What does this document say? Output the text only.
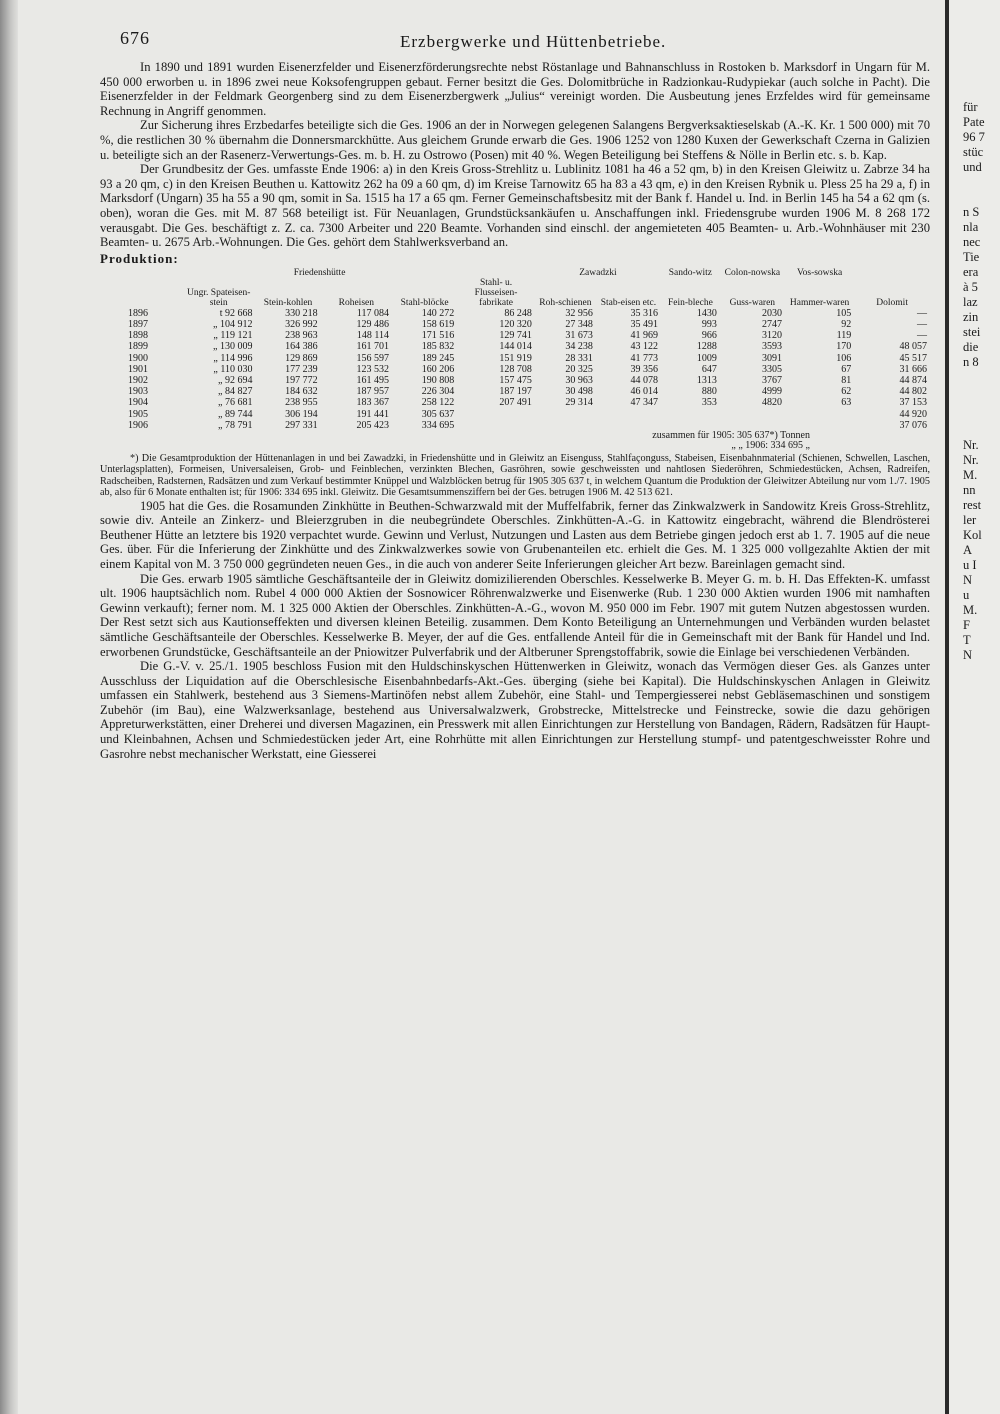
676	Erzbergwerke und Hüttenbetriebe.

In 1890 und 1891 wurden Eisenerzfelder und Eisenerzförderungsrechte nebst Röstanlage und Bahnanschluss in Rostoken b. Marksdorf in Ungarn für M. 450 000 erworben u. in 1896 zwei neue Koksofengruppen gebaut. Ferner besitzt die Ges. Dolomitbrüche in Radzionkau-Rudypiekar (auch solche in Pacht). Die Eisenerzfelder in der Feldmark Georgenberg sind zu dem Eisenerzbergwerk „Julius“ vereinigt worden. Die Ausbeutung jenes Erzfeldes wird für gemeinsame Rechnung in Angriff genommen.

Zur Sicherung ihres Erzbedarfes beteiligte sich die Ges. 1906 an der in Norwegen gelegenen Salangens Bergverksaktieselskab (A.-K. Kr. 1 500 000) mit 70 %, die restlichen 30 % übernahm die Donnersmarckhütte. Aus gleichem Grunde erwarb die Ges. 1906 1252 von 1280 Kuxen der Gewerkschaft Czerna in Galizien u. beteiligte sich an der Rasenerz-Verwertungs-Ges. m. b. H. zu Ostrowo (Posen) mit 40 %. Wegen Beteiligung bei Steffens & Nölle in Berlin etc. s. b. Kap.

Der Grundbesitz der Ges. umfasste Ende 1906: a) in den Kreis Gross-Strehlitz u. Lublinitz 1081 ha 46 a 52 qm, b) in den Kreisen Gleiwitz u. Zabrze 34 ha 93 a 20 qm, c) in den Kreisen Beuthen u. Kattowitz 262 ha 09 a 60 qm, d) im Kreise Tarnowitz 65 ha 83 a 43 qm, e) in den Kreisen Rybnik u. Pless 25 ha 29 a, f) in Marksdorf (Ungarn) 35 ha 55 a 90 qm, somit in Sa. 1515 ha 17 a 65 qm. Ferner Gemeinschaftsbesitz mit der Bank f. Handel u. Ind. in Berlin 145 ha 54 a 62 qm (s. oben), woran die Ges. mit M. 87 568 beteiligt ist. Für Neuanlagen, Grundstücksankäufen u. Anschaffungen inkl. Friedensgrube wurden 1906 M. 8 268 172 verausgabt. Die Ges. beschäftigt z. Z. ca. 7300 Arbeiter und 220 Beamte. Vorhanden sind einschl. der angemieteten 405 Beamten- u. Arb.-Wohnhäuser mit 230 Beamten- u. 2675 Arb.-Wohnungen. Die Ges. gehört dem Stahlwerksverband an.

Produktion:
	Friedenshütte					Zawadzki		Sando-witz	Colon-nowska	Vos-sowska	
	Ungr. Spateisen-stein	Stein-kohlen	Roheisen	Stahl-blöcke	Stahl- u. Flusseisen-fabrikate	Roh-schienen	Stab-eisen etc.	Fein-bleche	Guss-waren	Hammer-waren	Dolomit
1896	t 92 668	330 218	117 084	140 272	86 248	32 956	35 316	1430	2030	105	—
1897	„ 104 912	326 992	129 486	158 619	120 320	27 348	35 491	993	2747	92	—
1898	„ 119 121	238 963	148 114	171 516	129 741	31 673	41 969	966	3120	119	—
1899	„ 130 009	164 386	161 701	185 832	144 014	34 238	43 122	1288	3593	170	48 057
1900	„ 114 996	129 869	156 597	189 245	151 919	28 331	41 773	1009	3091	106	45 517
1901	„ 110 030	177 239	123 532	160 206	128 708	20 325	39 356	647	3305	67	31 666
1902	„ 92 694	197 772	161 495	190 808	157 475	30 963	44 078	1313	3767	81	44 874
1903	„ 84 827	184 632	187 957	226 304	187 197	30 498	46 014	880	4999	62	44 802
1904	„ 76 681	238 955	183 367	258 122	207 491	29 314	47 347	353	4820	63	37 153
1905	„ 89 744	306 194	191 441	305 637							44 920
1906	„ 78 791	297 331	205 423	334 695							37 076
zusammen für 1905: 305 637*) Tonnen
„ „ 1906: 334 695 „

*) Die Gesamtproduktion der Hüttenanlagen in und bei Zawadzki, in Friedenshütte und in Gleiwitz an Eisenguss, Stahlfaçonguss, Stabeisen, Eisenbahnmaterial (Schienen, Schwellen, Laschen, Unterlagsplatten), Formeisen, Universaleisen, Grob- und Feinblechen, verzinkten Blechen, Gasröhren, sowie geschweissten und nahtlosen Siederöhren, Schmiedestücken, Achsen, Radreifen, Radscheiben, Radsternen, Radsätzen und zum Verkauf bestimmter Knüppel und Walzblöcken betrug für 1905 305 637 t, in welchem Quantum die Produktion der Gleiwitzer Abteilung nur vom 1./7. 1905 ab, also für 6 Monate enthalten ist; für 1906: 334 695 inkl. Gleiwitz. Die Gesamtsummensziffern bei der Ges. betrugen 1906 M. 42 513 621.

1905 hat die Ges. die Rosamunden Zinkhütte in Beuthen-Schwarzwald mit der Muffelfabrik, ferner das Zinkwalzwerk in Sandowitz Kreis Gross-Strehlitz, sowie div. Anteile an Zinkerz- und Bleierzgruben in die neubegründete Oberschles. Zinkhütten-A.-G. in Kattowitz eingebracht, während die Blendrösterei Beuthener Hütte an letztere bis 1920 verpachtet wurde. Gewinn und Verlust, Nutzungen und Lasten aus dem Betriebe gingen jedoch erst ab 1. 7. 1905 auf die neue Ges. über. Für die Inferierung der Zinkhütte und des Zinkwalzwerkes sowie von Grubenanteilen etc. erhielt die Ges. M. 1 325 000 vollgezahlte Aktien der mit einem Kapital von M. 3 750 000 gegründeten neuen Ges., in die auch von anderer Seite Inferierungen gleicher Art bezw. Bareinlagen gemacht sind.

Die Ges. erwarb 1905 sämtliche Geschäftsanteile der in Gleiwitz domizilierenden Oberschles. Kesselwerke B. Meyer G. m. b. H. Das Effekten-K. umfasst ult. 1906 hauptsächlich nom. Rubel 4 000 000 Aktien der Sosnowicer Röhrenwalzwerke und Eisenwerke (Rub. 1 230 000 Aktien wurden 1906 mit namhaften Gewinn verkauft); ferner nom. M. 1 325 000 Aktien der Oberschles. Zinkhütten-A.-G., wovon M. 950 000 im Febr. 1907 mit gutem Nutzen abgestossen wurden. Der Rest setzt sich aus Kautionseffekten und diversen kleinen Beteilig. zusammen. Dem Konto Beteiligung an Unternehmungen und Verbänden wurden belastet sämtliche Geschäftsanteile der Oberschles. Kesselwerke B. Meyer, der auf die Ges. entfallende Anteil für die in Gemeinschaft mit der Bank für Handel und Ind. erworbenen Grundstücke, Geschäftsanteile an der Pniowitzer Pulverfabrik und der Altberuner Sprengstoffabrik, sowie die Einlage bei verschiedenen Verbänden.

Die G.-V. v. 25./1. 1905 beschloss Fusion mit den Huldschinskyschen Hüttenwerken in Gleiwitz, wonach das Vermögen dieser Ges. als Ganzes unter Ausschluss der Liquidation auf die Oberschlesische Eisenbahnbedarfs-Akt.-Ges. überging (siehe bei Kapital). Die Huldschinskyschen Anlagen in Gleiwitz umfassen ein Stahlwerk, bestehend aus 3 Siemens-Martinöfen nebst allem Zubehör, eine Stahl- und Tempergiesserei nebst Gebläsemaschinen und sonstigem Zubehör (im Bau), eine Walzwerksanlage, bestehend aus Universalwalzwerk, Grobstrecke, Mittelstrecke und Feinstrecke, sowie die dazu gehörigen Appreturwerkstätten, einer Dreherei und diversen Magazinen, ein Presswerk mit allen Einrichtungen zur Herstellung von Bandagen, Rädern, Radsätzen für Haupt- und Kleinbahnen, Achsen und Schmiedestücken jeder Art, eine Rohrhütte mit allen Einrichtungen zur Herstellung stumpf- und patentgeschweisster Rohre und Gasrohre nebst mechanischer Werkstatt, eine Giesserei

für
Pate
96 7
stüc
und
n S
nla
nec
Tie
era
à 5
laz
zin
stei
die
n 8
Nr.
Nr.
M.
nn
rest
ler
Kol
A
u I
N
u
M.
F
T
N
